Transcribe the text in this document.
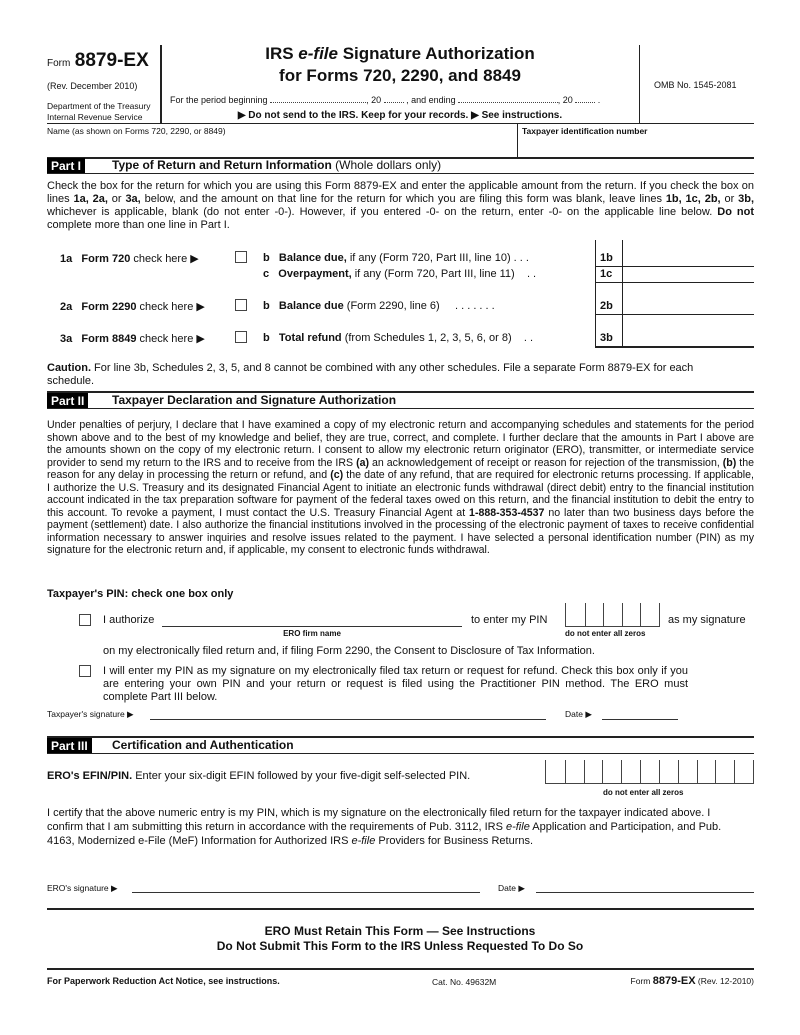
Form 8879-EX
(Rev. December 2010)
Department of the Treasury
Internal Revenue Service
IRS e-file Signature Authorization
for Forms 720, 2290, and 8849
For the period beginning	, 20	, and ending	, 20	.
▶ Do not send to the IRS. Keep for your records. ▶ See instructions.
OMB No. 1545-2081
Name (as shown on Forms 720, 2290, or 8849)	Taxpayer identification number
Part I	Type of Return and Return Information (Whole dollars only)
Check the box for the return for which you are using this Form 8879-EX and enter the applicable amount from the return. If you check the box on lines 1a, 2a, or 3a, below, and the amount on that line for the return for which you are filing this form was blank, leave lines 1b, 1c, 2b, or 3b, whichever is applicable, blank (do not enter -0-). However, if you entered -0- on the return, enter -0- on the applicable line below. Do not complete more than one line in Part I.
1a Form 720 check here ▶	b Balance due, if any (Form 720, Part III, line 10) . . .	1b
c Overpayment, if any (Form 720, Part III, line 11) . .	1c
2a Form 2290 check here ▶	b Balance due (Form 2290, line 6) . . . . . . .	2b
3a Form 8849 check here ▶	b Total refund (from Schedules 1, 2, 3, 5, 6, or 8) . .	3b
Caution. For line 3b, Schedules 2, 3, 5, and 8 cannot be combined with any other schedules. File a separate Form 8879-EX for each schedule.
Part II	Taxpayer Declaration and Signature Authorization
Under penalties of perjury, I declare that I have examined a copy of my electronic return and accompanying schedules and statements for the period shown above and to the best of my knowledge and belief, they are true, correct, and complete. I further declare that the amounts in Part I above are the amounts shown on the copy of my electronic return. I consent to allow my electronic return originator (ERO), transmitter, or intermediate service provider to send my return to the IRS and to receive from the IRS (a) an acknowledgement of receipt or reason for rejection of the transmission, (b) the reason for any delay in processing the return or refund, and (c) the date of any refund, that are required for electronic returns processing. If applicable, I authorize the U.S. Treasury and its designated Financial Agent to initiate an electronic funds withdrawal (direct debit) entry to the financial institution account indicated in the tax preparation software for payment of the federal taxes owed on this return, and the financial institution to debit the entry to this account. To revoke a payment, I must contact the U.S. Treasury Financial Agent at 1-888-353-4537 no later than two business days before the payment (settlement) date. I also authorize the financial institutions involved in the processing of the electronic payment of taxes to receive confidential information necessary to answer inquiries and resolve issues related to the payment. I have selected a personal identification number (PIN) as my signature for the electronic return and, if applicable, my consent to electronic funds withdrawal.
Taxpayer's PIN: check one box only
I authorize
ERO firm name
to enter my PIN
do not enter all zeros
as my signature
on my electronically filed return and, if filing Form 2290, the Consent to Disclosure of Tax Information.
I will enter my PIN as my signature on my electronically filed tax return or request for refund. Check this box only if you are entering your own PIN and your return or request is filed using the Practitioner PIN method. The ERO must complete Part III below.
Taxpayer's signature ▶	Date ▶
Part III	Certification and Authentication
ERO's EFIN/PIN. Enter your six-digit EFIN followed by your five-digit self-selected PIN.
do not enter all zeros
I certify that the above numeric entry is my PIN, which is my signature on the electronically filed return for the taxpayer indicated above. I confirm that I am submitting this return in accordance with the requirements of Pub. 3112, IRS e-file Application and Participation, and Pub. 4163, Modernized e-File (MeF) Information for Authorized IRS e-file Providers for Business Returns.
ERO's signature ▶	Date ▶
ERO Must Retain This Form — See Instructions
Do Not Submit This Form to the IRS Unless Requested To Do So
For Paperwork Reduction Act Notice, see instructions.	Cat. No. 49632M	Form 8879-EX (Rev. 12-2010)
